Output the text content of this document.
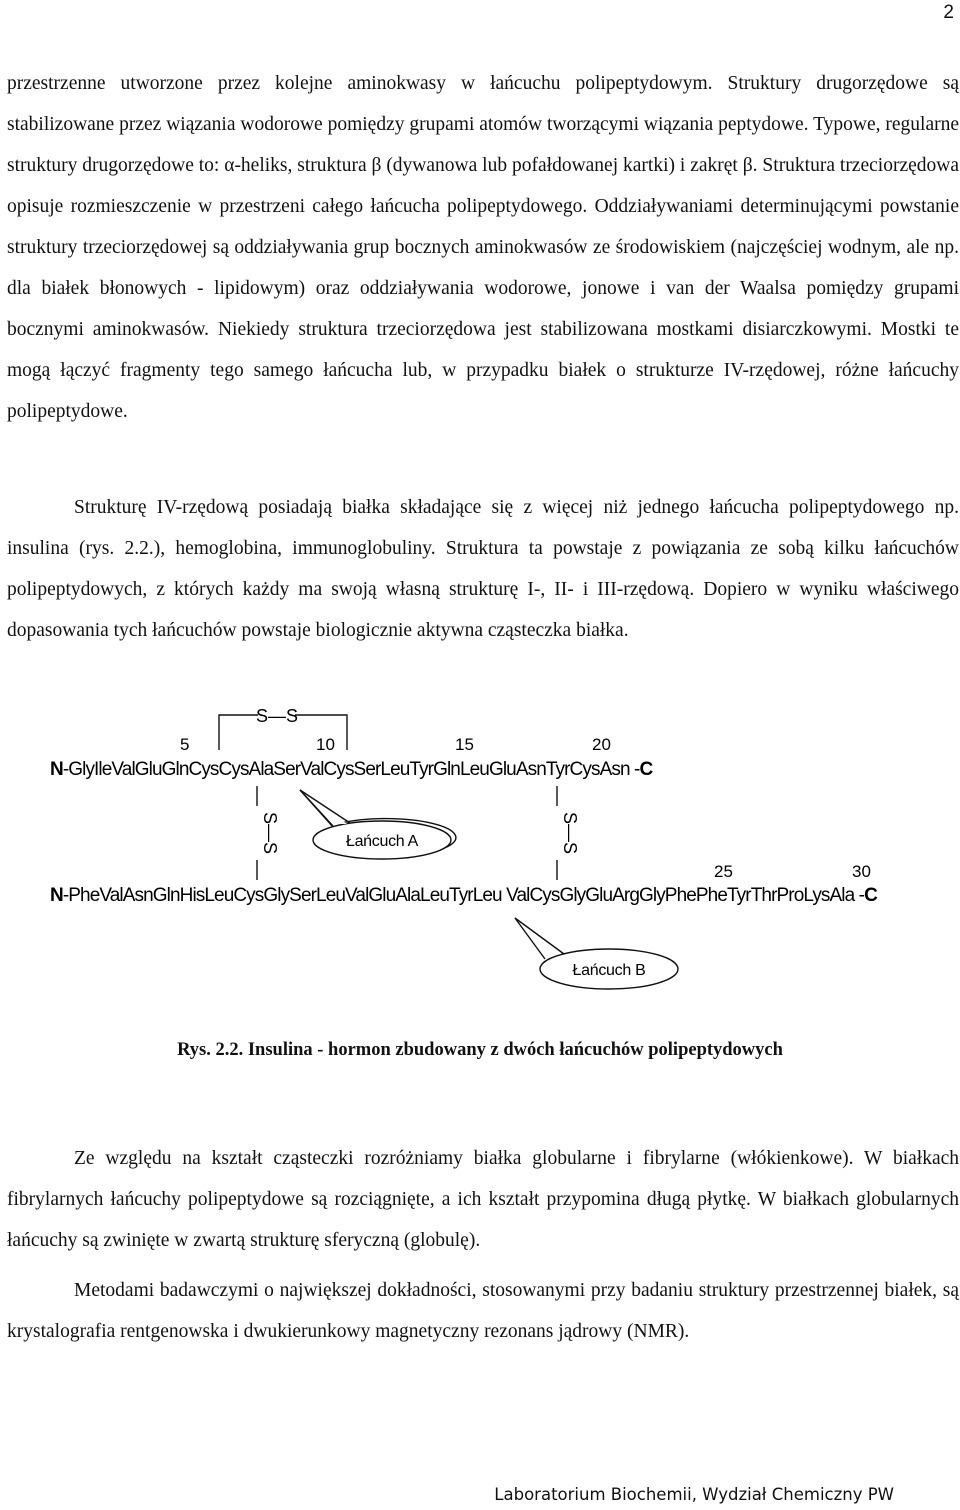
2

przestrzenne utworzone przez kolejne aminokwasy w łańcuchu polipeptydowym. Struktury drugorzędowe są stabilizowane przez wiązania wodorowe pomiędzy grupami atomów tworzącymi wiązania peptydowe. Typowe, regularne struktury drugorzędowe to: α-heliks, struktura β (dywanowa lub pofałdowanej kartki) i zakręt β. Struktura trzeciorzędowa opisuje rozmieszczenie w przestrzeni całego łańcucha polipeptydowego. Oddziaływaniami determinującymi powstanie struktury trzeciorzędowej są oddziaływania grup bocznych aminokwasów ze środowiskiem (najczęściej wodnym, ale np. dla białek błonowych - lipidowym) oraz oddziaływania wodorowe, jonowe i van der Waalsa pomiędzy grupami bocznymi aminokwasów. Niekiedy struktura trzeciorzędowa jest stabilizowana mostkami disiarczkowymi. Mostki te mogą łączyć fragmenty tego samego łańcucha lub, w przypadku białek o strukturze IV-rzędowej, różne łańcuchy polipeptydowe.

Strukturę IV-rzędową posiadają białka składające się z więcej niż jednego łańcucha polipeptydowego np. insulina (rys. 2.2.), hemoglobina, immunoglobuliny. Struktura ta powstaje z powiązania ze sobą kilku łańcuchów polipeptydowych, z których każdy ma swoją własną strukturę I-, II- i III-rzędową. Dopiero w wyniku właściwego dopasowania tych łańcuchów powstaje biologicznie aktywna cząsteczka białka.

S—S
5	10	15	20
N-GlyIleValGluGlnCysCysAlaSerValCysSerLeuTyrGlnLeuGluAsnTyrCysAsn -C
S—S	S—S
Łańcuch A
25	30
N-PheValAsnGlnHisLeuCysGlySerLeuValGluAlaLeuTyrLeu ValCysGlyGluArgGlyPhePheTyrThrProLysAla -C
Łańcuch B
Rys. 2.2. Insulina - hormon zbudowany z dwóch łańcuchów polipeptydowych

Ze względu na kształt cząsteczki rozróżniamy białka globularne i fibrylarne (włókienkowe). W białkach fibrylarnych łańcuchy polipeptydowe są rozciągnięte, a ich kształt przypomina długą płytkę. W białkach globularnych łańcuchy są zwinięte w zwartą strukturę sferyczną (globulę).

Metodami badawczymi o największej dokładności, stosowanymi przy badaniu struktury przestrzennej białek, są krystalografia rentgenowska i dwukierunkowy magnetyczny rezonans jądrowy (NMR).

Laboratorium Biochemii, Wydział Chemiczny PW
